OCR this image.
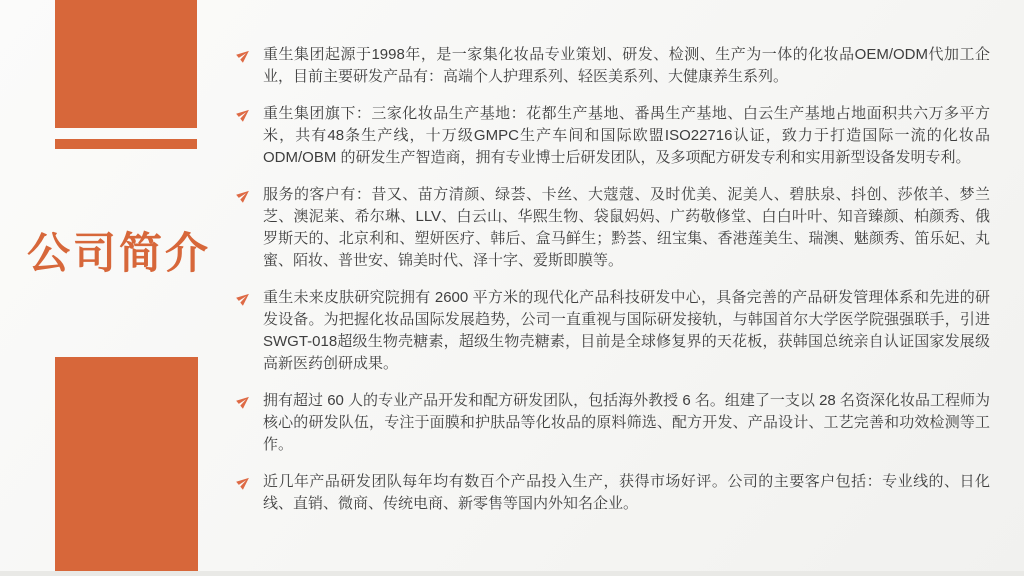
公司简介
重生集团起源于1998年，是一家集化妆品专业策划、研发、检测、生产为一体的化妆品OEM/ODM代加工企业，目前主要研发产品有：高端个人护理系列、轻医美系列、大健康养生系列。
重生集团旗下：三家化妆品生产基地：花都生产基地、番禺生产基地、白云生产基地占地面积共六万多平方米，共有48条生产线，十万级GMPC生产车间和国际欧盟ISO22716认证，致力于打造国际一流的化妆品ODM/OBM 的研发生产智造商，拥有专业博士后研发团队，及多项配方研发专利和实用新型设备发明专利。
服务的客户有：昔又、苗方清颜、绿荟、卡丝、大蔻蔻、及时优美、泥美人、碧肤泉、抖创、莎侬羊、梦兰芝、澳泥莱、希尔琳、LLV、白云山、华熙生物、袋鼠妈妈、广药敬修堂、白白叶叶、知音臻颜、柏颜秀、俄罗斯天的、北京利和、塑妍医疗、韩后、盒马鲜生；黔荟、纽宝集、香港莲美生、瑞澳、魅颜秀、笛乐妃、丸蜜、陌妆、普世安、锦美时代、泽十字、爱斯即膜等。
重生未来皮肤研究院拥有 2600 平方米的现代化产品科技研发中心，具备完善的产品研发管理体系和先进的研发设备。为把握化妆品国际发展趋势，公司一直重视与国际研发接轨，与韩国首尔大学医学院强强联手，引进SWGT-018超级生物壳糖素，超级生物壳糖素，目前是全球修复界的天花板，获韩国总统亲自认证国家发展级高新医药创研成果。
拥有超过 60 人的专业产品开发和配方研发团队，包括海外教授 6 名。组建了一支以 28 名资深化妆品工程师为核心的研发队伍，专注于面膜和护肤品等化妆品的原料筛选、配方开发、产品设计、工艺完善和功效检测等工作。
近几年产品研发团队每年均有数百个产品投入生产，获得市场好评。公司的主要客户包括：专业线的、日化线、直销、微商、传统电商、新零售等国内外知名企业。
